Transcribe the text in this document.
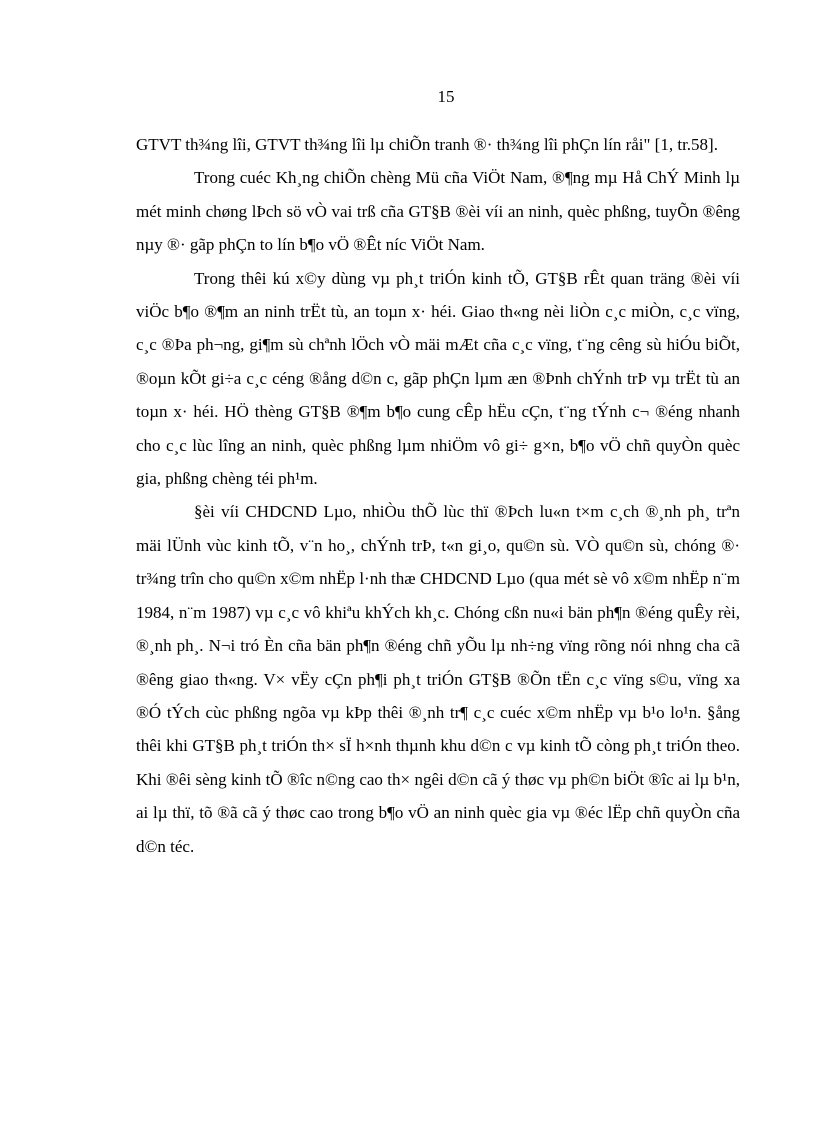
15

GTVT th¾ng lîi, GTVT th¾ng lîi lµ chiÕn tranh ®· th¾ng lîi phÇn lín råi" [1, tr.58].

Trong cuéc Kh¸ng chiÕn chèng Mü cña ViÖt Nam, ®¶ng mµ Hå ChÝ Minh lµ mét minh chøng lÞch sö vÒ vai trß cña GT§B ®èi víi an ninh, quèc phßng, tuyÕn ®êng nµy ®· gãp phÇn to lín b¶o vÖ ®Êt níc ViÖt Nam.

Trong thêi kú x©y dùng vµ ph¸t triÓn kinh tÕ, GT§B rÊt quan träng ®èi víi viÖc b¶o ®¶m an ninh trËt tù, an toµn x· héi. Giao th«ng nèi liÒn c¸c miÒn, c¸c vïng, c¸c ®Þa ph¬ng, gi¶m sù chªnh lÖch vÒ mäi mÆt cña c¸c vïng, t¨ng cêng sù hiÓu biÕt, ®oµn kÕt gi÷a c¸c céng ®ång d©n c, gãp phÇn lµm æn ®Þnh chÝnh trÞ vµ trËt tù an toµn x· héi. HÖ thèng GT§B ®¶m b¶o cung cÊp hËu cÇn, t¨ng tÝnh c¬ ®éng nhanh cho c¸c lùc lîng an ninh, quèc phßng lµm nhiÖm vô gi÷ g×n, b¶o vÖ chñ quyÒn quèc gia, phßng chèng téi ph¹m.

§èi víi CHDCND Lµo, nhiÒu thÕ lùc thï ®Þch lu«n t×m c¸ch ®¸nh ph¸ trªn mäi lÜnh vùc kinh tÕ, v¨n ho¸, chÝnh trÞ, t«n gi¸o, qu©n sù. VÒ qu©n sù, chóng ®· tr¾ng trîn cho qu©n x©m nhËp l·nh thæ CHDCND Lµo (qua mét sè vô x©m nhËp n¨m 1984, n¨m 1987) vµ c¸c vô khiªu khÝch kh¸c. Chóng cßn nu«i bän ph¶n ®éng quÊy rèi, ®¸nh ph¸. N¬i tró Èn cña bän ph¶n ®éng chñ yÕu lµ nh÷ng vïng rõng nói nhng cha cã ®êng giao th«ng. V× vËy cÇn ph¶i ph¸t triÓn GT§B ®Õn tËn c¸c vïng s©u, vïng xa ®Ó tÝch cùc phßng ngõa vµ kÞp thêi ®¸nh tr¶ c¸c cuéc x©m nhËp vµ b¹o lo¹n. §ång thêi khi GT§B ph¸t triÓn th× sÏ h×nh thµnh khu d©n c vµ kinh tÕ còng ph¸t triÓn theo. Khi ®êi sèng kinh tÕ ®îc n©ng cao th× ngêi d©n cã ý thøc vµ ph©n biÖt ®îc ai lµ b¹n, ai lµ thï, tõ ®ã cã ý thøc cao trong b¶o vÖ an ninh quèc gia vµ ®éc lËp chñ quyÒn cña d©n téc.
